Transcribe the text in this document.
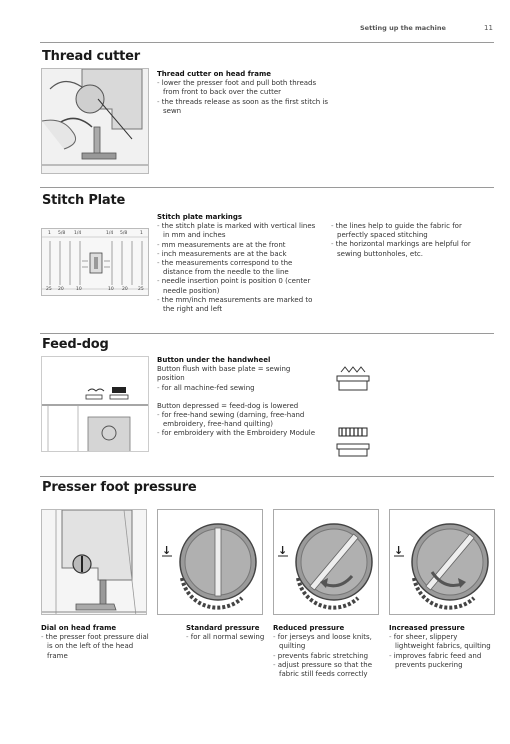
Setting up the machine	11
Thread cutter
Thread cutter on head frame
- lower the presser foot and pull both threads from front to back over the cutter
- the threads release as soon as the first stitch is sewn
Stitch Plate
1 5/8 1/4	1/4 5/8	1
25 20	10	10 20 25
Stitch plate markings
- the stitch plate is marked with vertical lines in mm and inches
- mm measurements are at the front
- inch measurements are at the back
- the measurements correspond to the distance from the needle to the line
- needle insertion point is position 0 (center needle position)
- the mm/inch measurements are marked to the right and left
- the lines help to guide the fabric for perfectly spaced stitching
- the horizontal markings are helpful for sewing buttonholes, etc.
Feed-dog
Button under the handwheel
Button flush with base plate = sewing position
- for all machine-fed sewing
Button depressed = feed-dog is lowered
- for free-hand sewing (darning, free-hand embroidery, free-hand quilting)
- for embroidery with the Embroidery Module
Presser foot pressure
↓	↓	↓
Dial on head frame
- the presser foot pressure dial is on the left of the head frame
Standard pressure
- for all normal sewing
Reduced pressure
- for jerseys and loose knits, quilting
- prevents fabric stretching
- adjust pressure so that the fabric still feeds correctly
Increased pressure
- for sheer, slippery lightweight fabrics, quilting
- improves fabric feed and prevents puckering
